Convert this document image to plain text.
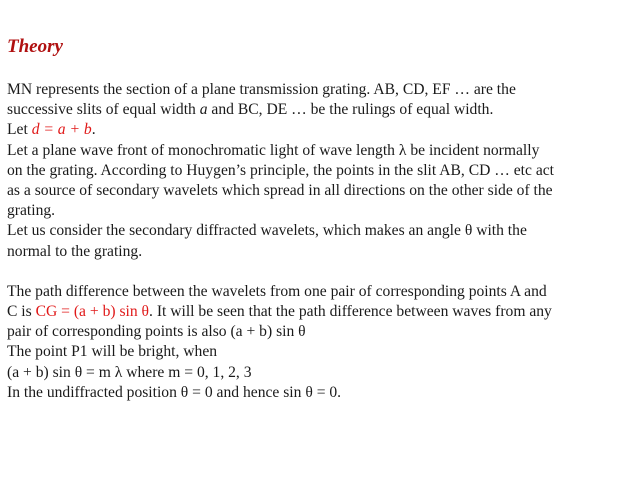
Theory
MN represents the section of a plane transmission grating. AB, CD, EF … are the
successive slits of equal width a and BC, DE … be the rulings of equal width.
Let d = a + b.
Let a plane wave front of monochromatic light of wave length λ be incident normally
on the grating. According to Huygen’s principle, the points in the slit AB, CD … etc act
as a source of secondary wavelets which spread in all directions on the other side of the
grating.
Let us consider the secondary diffracted wavelets, which makes an angle θ with the
normal to the grating.
The path difference between the wavelets from one pair of corresponding points A and
C is CG = (a + b) sin θ. It will be seen that the path difference between waves from any
pair of corresponding points is also (a + b) sin θ
The point P1 will be bright, when
(a + b) sin θ = m λ where m = 0, 1, 2, 3
In the undiffracted position θ = 0 and hence sin θ = 0.
